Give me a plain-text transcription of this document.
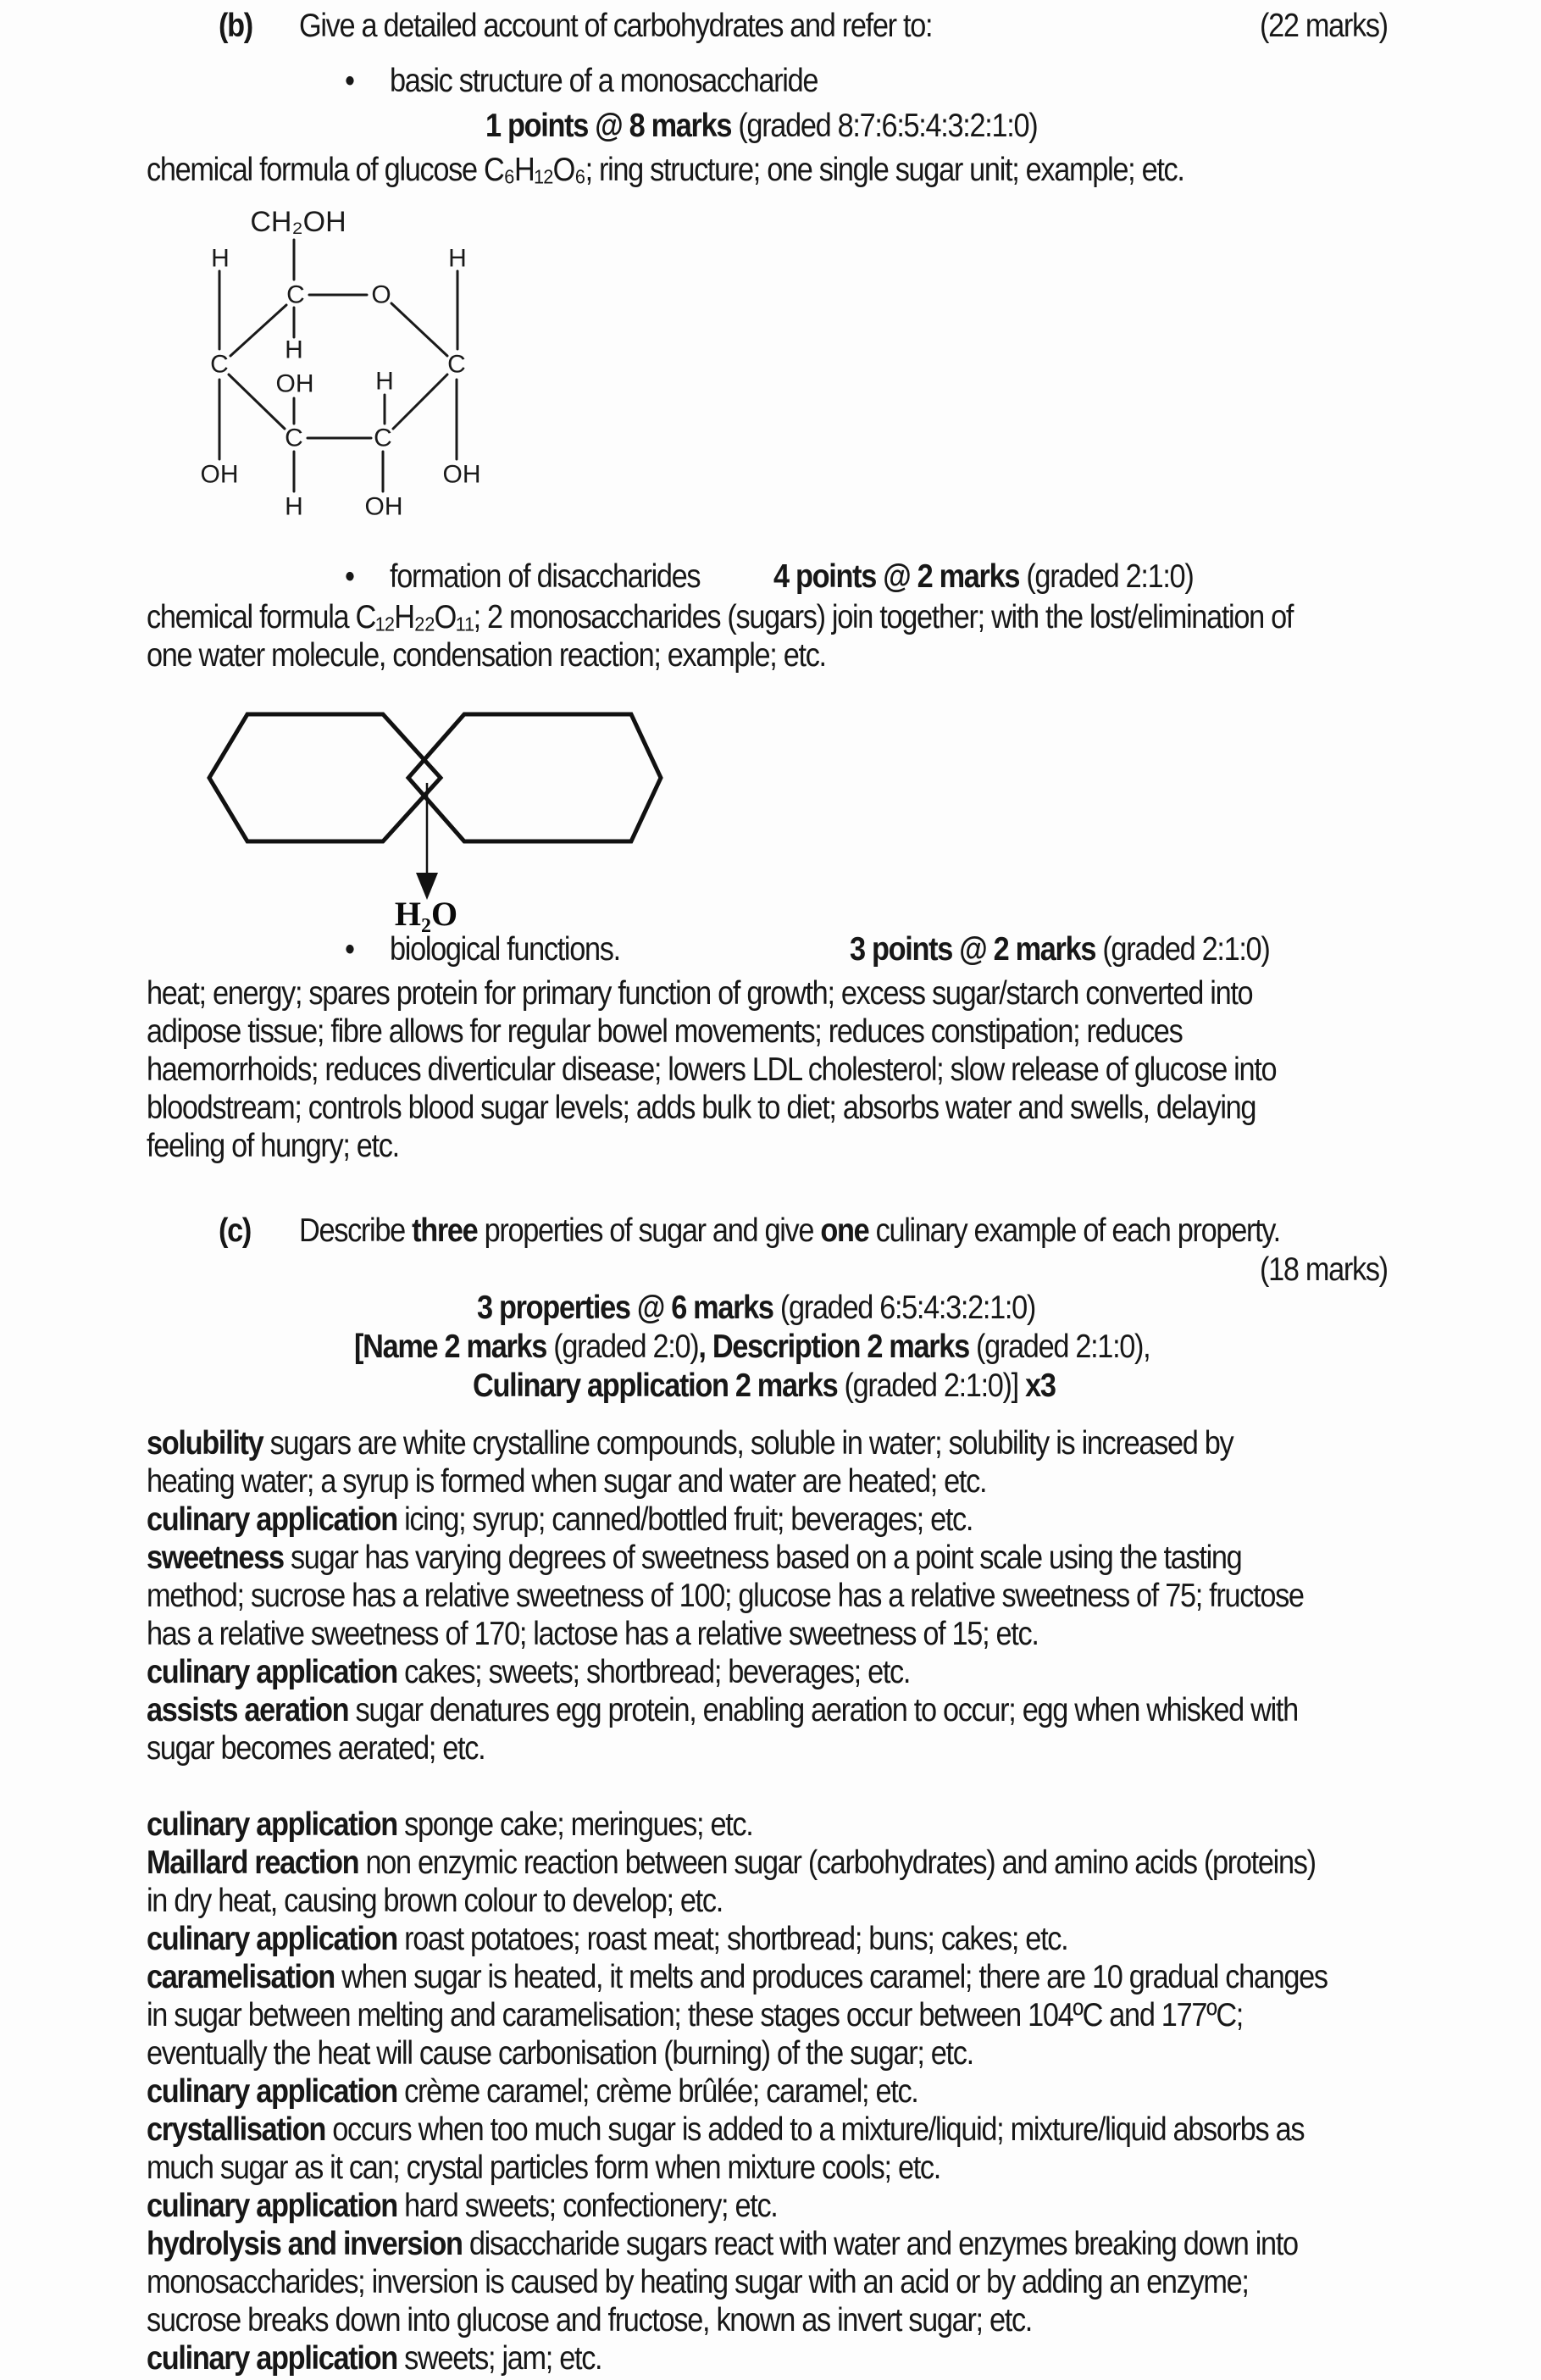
CH₂OH
H	H
C	O
H
C	C
OH H
C	C
OH	OH
H OH
H₂O
(b) Give a detailed account of carbohydrates and refer to:	(22 marks)
• basic structure of a monosaccharide
1 points @ 8 marks (graded 8:7:6:5:4:3:2:1:0)
chemical formula of glucose C₆H₁₂O₆; ring structure; one single sugar unit; example; etc.
• formation of disaccharides 4 points @ 2 marks (graded 2:1:0)
chemical formula C₁₂H₂₂O₁₁; 2 monosaccharides (sugars) join together; with the lost/elimination of
one water molecule, condensation reaction; example; etc.
• biological functions.	3 points @ 2 marks (graded 2:1:0)
heat; energy; spares protein for primary function of growth; excess sugar/starch converted into
adipose tissue; fibre allows for regular bowel movements; reduces constipation; reduces
haemorrhoids; reduces diverticular disease; lowers LDL cholesterol; slow release of glucose into
bloodstream; controls blood sugar levels; adds bulk to diet; absorbs water and swells, delaying
feeling of hungry; etc.
(c) Describe three properties of sugar and give one culinary example of each property.
(18 marks)
3 properties @ 6 marks (graded 6:5:4:3:2:1:0)
[Name 2 marks (graded 2:0), Description 2 marks (graded 2:1:0),
Culinary application 2 marks (graded 2:1:0)] x3
solubility sugars are white crystalline compounds, soluble in water; solubility is increased by
heating water; a syrup is formed when sugar and water are heated; etc.
culinary application icing; syrup; canned/bottled fruit; beverages; etc.
sweetness sugar has varying degrees of sweetness based on a point scale using the tasting
method; sucrose has a relative sweetness of 100; glucose has a relative sweetness of 75; fructose
has a relative sweetness of 170; lactose has a relative sweetness of 15; etc.
culinary application cakes; sweets; shortbread; beverages; etc.
assists aeration sugar denatures egg protein, enabling aeration to occur; egg when whisked with
sugar becomes aerated; etc.
culinary application sponge cake; meringues; etc.
Maillard reaction non enzymic reaction between sugar (carbohydrates) and amino acids (proteins)
in dry heat, causing brown colour to develop; etc.
culinary application roast potatoes; roast meat; shortbread; buns; cakes; etc.
caramelisation when sugar is heated, it melts and produces caramel; there are 10 gradual changes
in sugar between melting and caramelisation; these stages occur between 104ºC and 177ºC;
eventually the heat will cause carbonisation (burning) of the sugar; etc.
culinary application crème caramel; crème brûlée; caramel; etc.
crystallisation occurs when too much sugar is added to a mixture/liquid; mixture/liquid absorbs as
much sugar as it can; crystal particles form when mixture cools; etc.
culinary application hard sweets; confectionery; etc.
hydrolysis and inversion disaccharide sugars react with water and enzymes breaking down into
monosaccharides; inversion is caused by heating sugar with an acid or by adding an enzyme;
sucrose breaks down into glucose and fructose, known as invert sugar; etc.
culinary application sweets; jam; etc.
